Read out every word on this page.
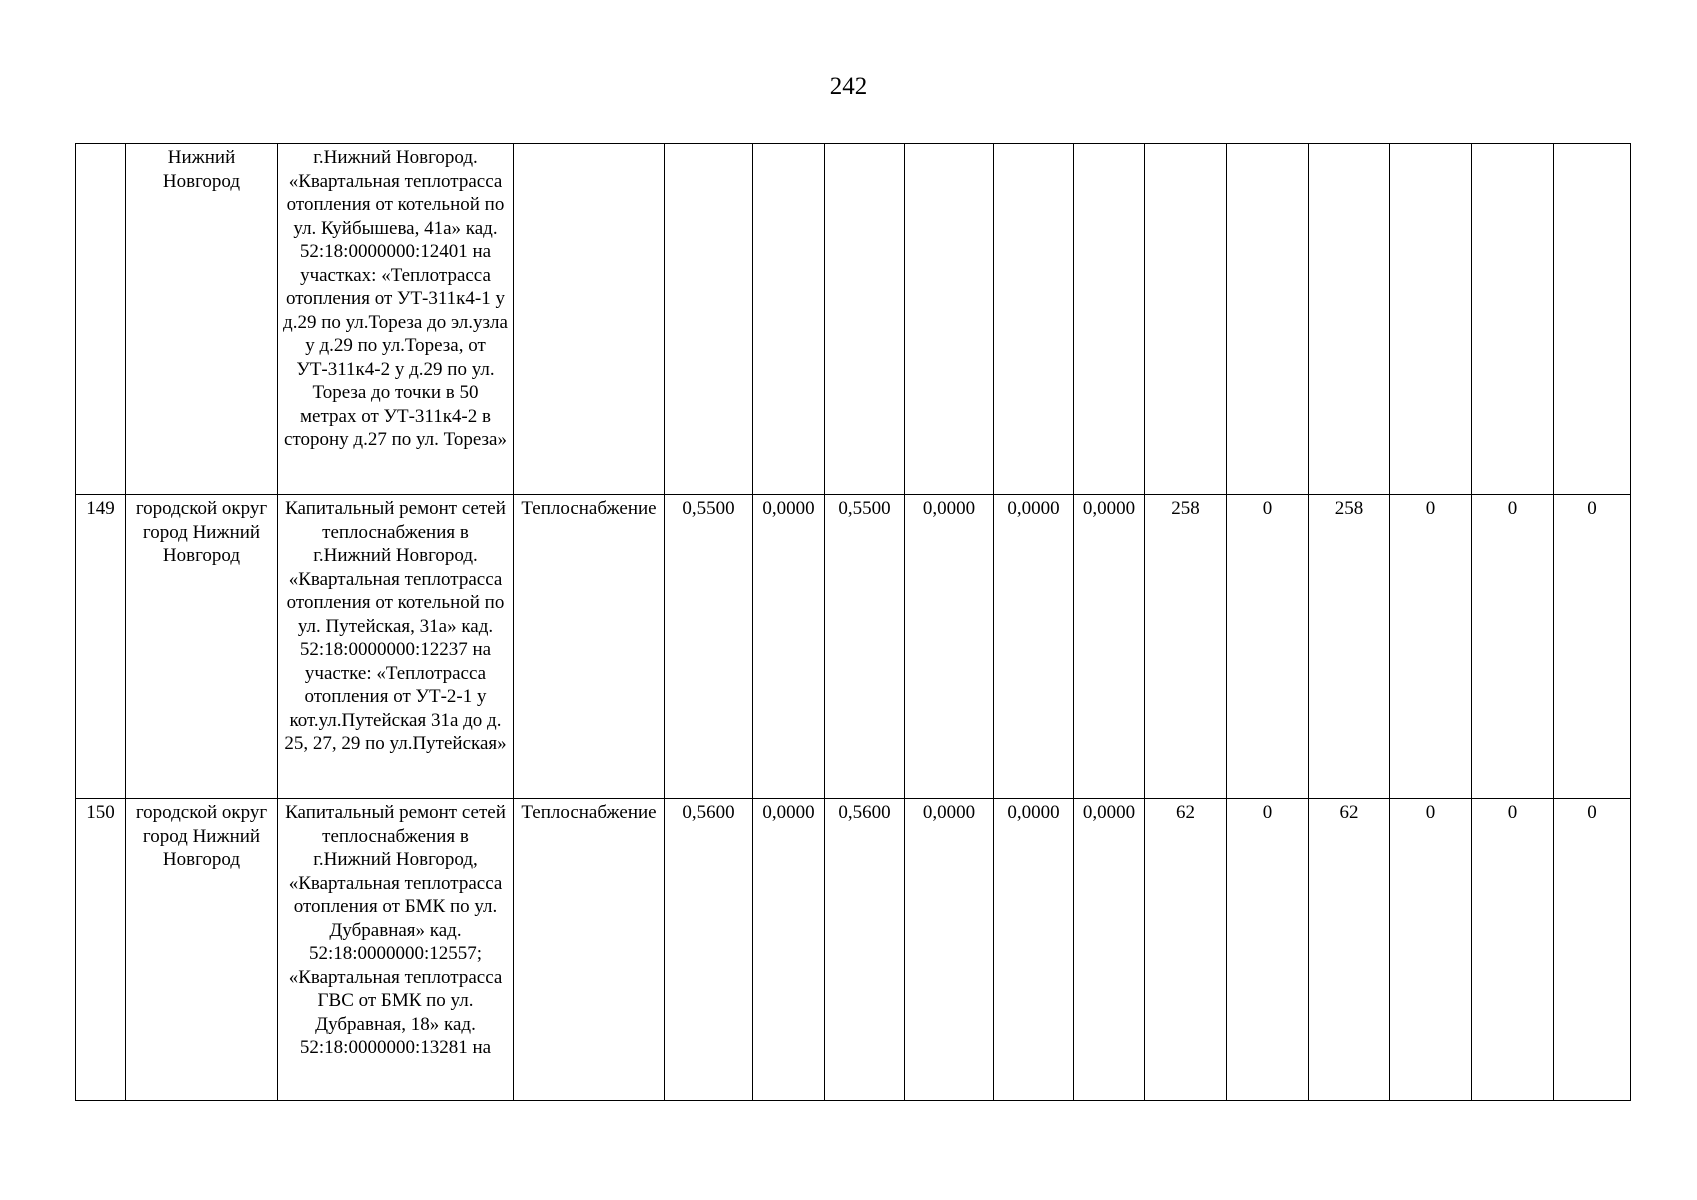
242
	Нижний Новгород	г.Нижний Новгород. «Квартальная теплотрасса отопления от котельной по ул. Куйбышева, 41а» кад. 52:18:0000000:12401 на участках: «Теплотрасса отопления от УТ-311к4-1 у д.29 по ул.Тореза до эл.узла у д.29 по ул.Тореза, от УТ-311к4-2 у д.29 по ул. Тореза до точки в 50 метрах от УТ-311к4-2 в сторону д.27 по ул. Тореза»													
149	городской округ город Нижний Новгород	Капитальный ремонт сетей теплоснабжения в г.Нижний Новгород. «Квартальная теплотрасса отопления от котельной по ул. Путейская, 31а» кад. 52:18:0000000:12237 на участке: «Теплотрасса отопления от УТ-2-1 у кот.ул.Путейская 31а до д. 25, 27, 29 по ул.Путейская»	Теплоснабжение	0,5500	0,0000	0,5500	0,0000	0,0000	0,0000	258	0	258	0	0	0
150	городской округ город Нижний Новгород	Капитальный ремонт сетей теплоснабжения в г.Нижний Новгород, «Квартальная теплотрасса отопления от БМК по ул. Дубравная» кад. 52:18:0000000:12557; «Квартальная теплотрасса ГВС от БМК по ул. Дубравная, 18» кад. 52:18:0000000:13281 на	Теплоснабжение	0,5600	0,0000	0,5600	0,0000	0,0000	0,0000	62	0	62	0	0	0
